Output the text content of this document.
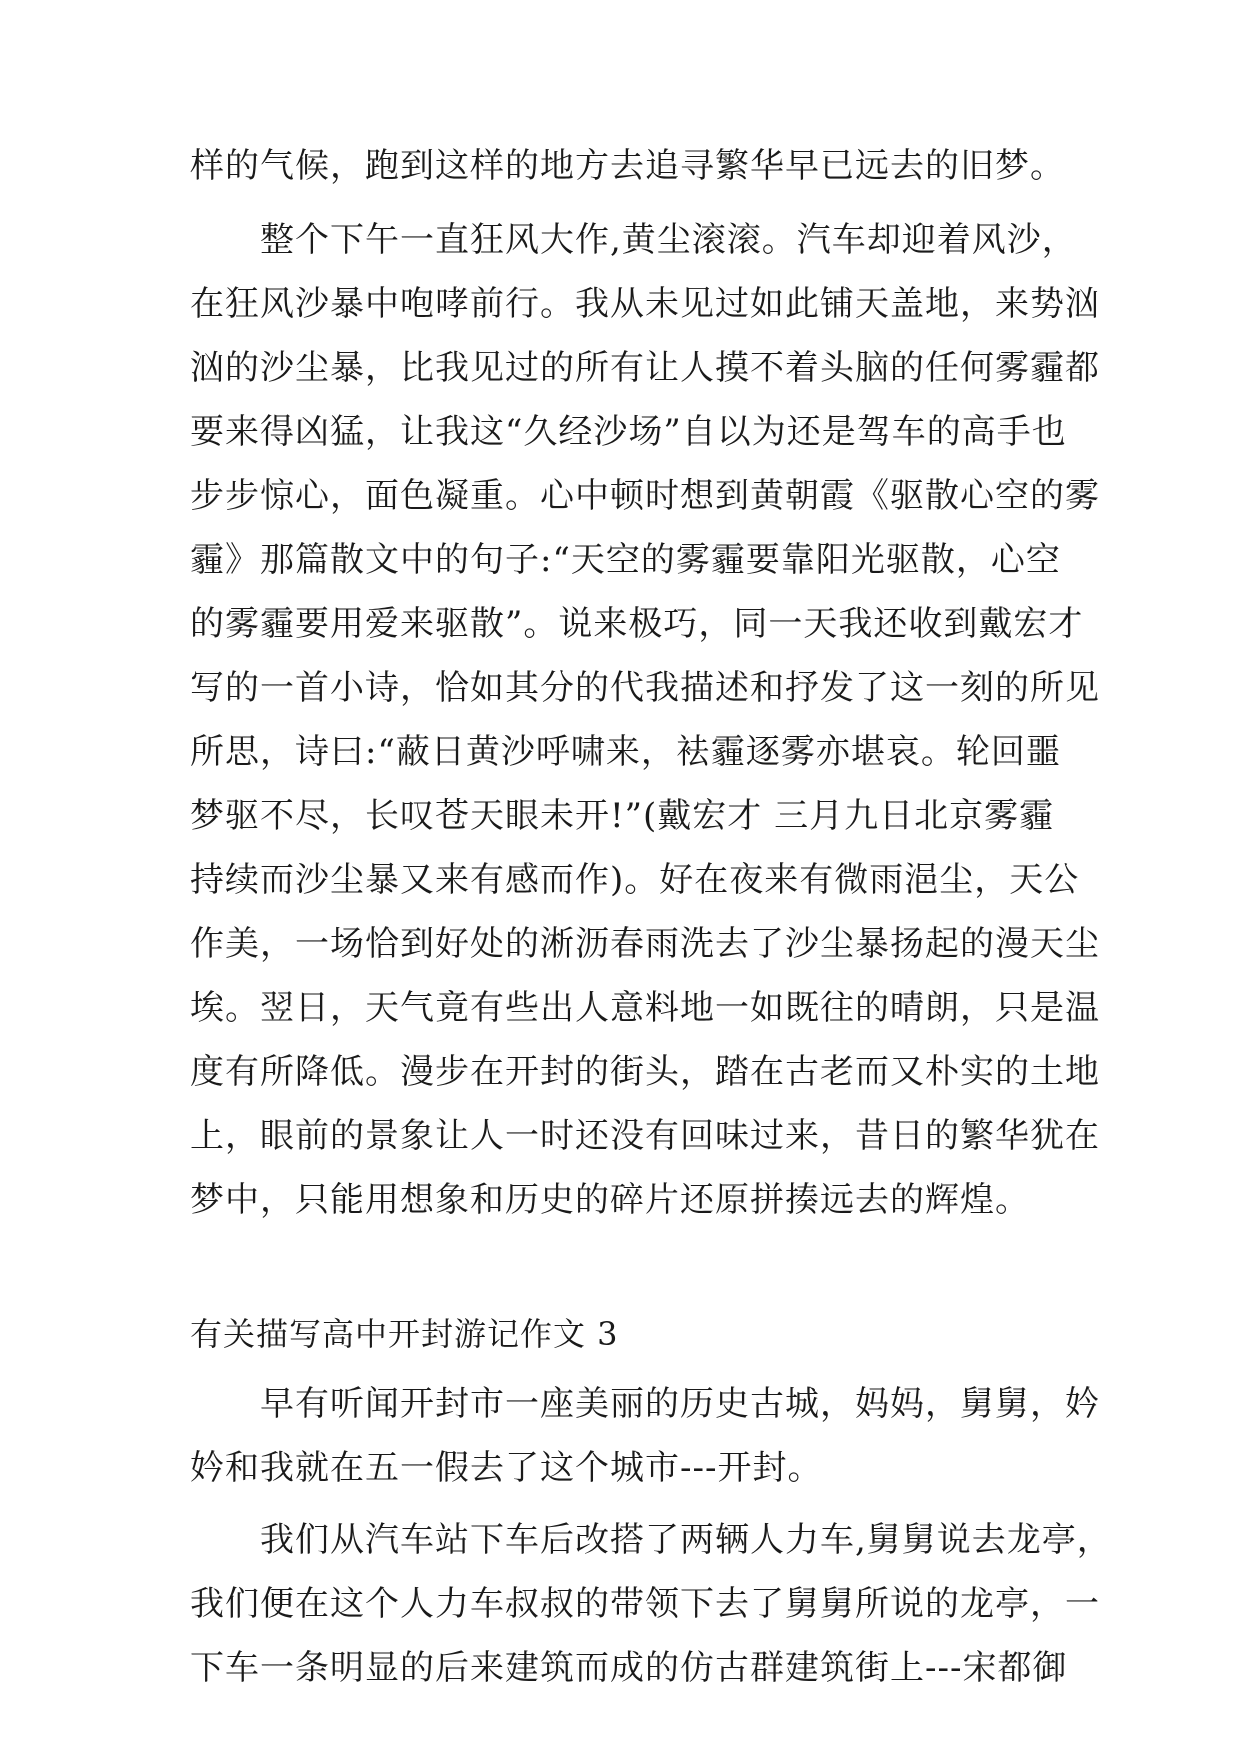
样的气候，跑到这样的地方去追寻繁华早已远去的旧梦。
整个下午一直狂风大作,黄尘滚滚。汽车却迎着风沙，
在狂风沙暴中咆哮前行。我从未见过如此铺天盖地，来势汹
汹的沙尘暴，比我见过的所有让人摸不着头脑的任何雾霾都
要来得凶猛，让我这“久经沙场”自以为还是驾车的高手也
步步惊心，面色凝重。心中顿时想到黄朝霞《驱散心空的雾
霾》那篇散文中的句子:“天空的雾霾要靠阳光驱散，心空
的雾霾要用爱来驱散”。说来极巧，同一天我还收到戴宏才
写的一首小诗，恰如其分的代我描述和抒发了这一刻的所见
所思，诗曰:“蔽日黄沙呼啸来，袪霾逐雾亦堪哀。轮回噩
梦驱不尽，长叹苍天眼未开!”(戴宏才 三月九日北京雾霾
持续而沙尘暴又来有感而作)。好在夜来有微雨浥尘，天公
作美，一场恰到好处的淅沥春雨洗去了沙尘暴扬起的漫天尘
埃。翌日，天气竟有些出人意料地一如既往的晴朗，只是温
度有所降低。漫步在开封的街头，踏在古老而又朴实的土地
上，眼前的景象让人一时还没有回味过来，昔日的繁华犹在
梦中，只能用想象和历史的碎片还原拼揍远去的辉煌。
有关描写高中开封游记作文 3
早有听闻开封市一座美丽的历史古城，妈妈，舅舅，妗
妗和我就在五一假去了这个城市---开封。
我们从汽车站下车后改搭了两辆人力车,舅舅说去龙亭，
我们便在这个人力车叔叔的带领下去了舅舅所说的龙亭，一
下车一条明显的后来建筑而成的仿古群建筑街上---宋都御
